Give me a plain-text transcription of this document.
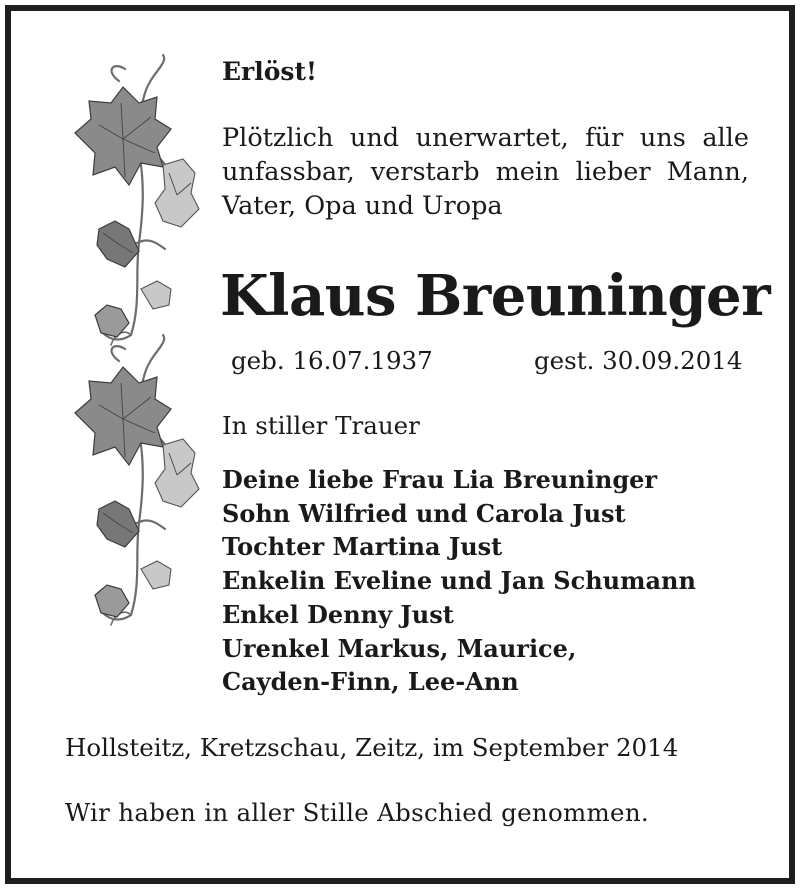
Erlöst!
Plötzlich und unerwartet, für uns alle
unfassbar, verstarb mein lieber Mann,
Vater,
Opa
und
Uropa
Klaus Breuninger
geb. 16.07.1937	gest. 30.09.2014
In stiller Trauer
Deine liebe Frau Lia Breuninger
Sohn Wilfried und Carola Just
Tochter Martina Just
Enkelin Eveline und Jan Schumann
Enkel Denny Just
Urenkel Markus, Maurice,
Cayden-Finn, Lee-Ann
Hollsteitz, Kretzschau, Zeitz, im September 2014
Wir haben in aller Stille Abschied genommen.
